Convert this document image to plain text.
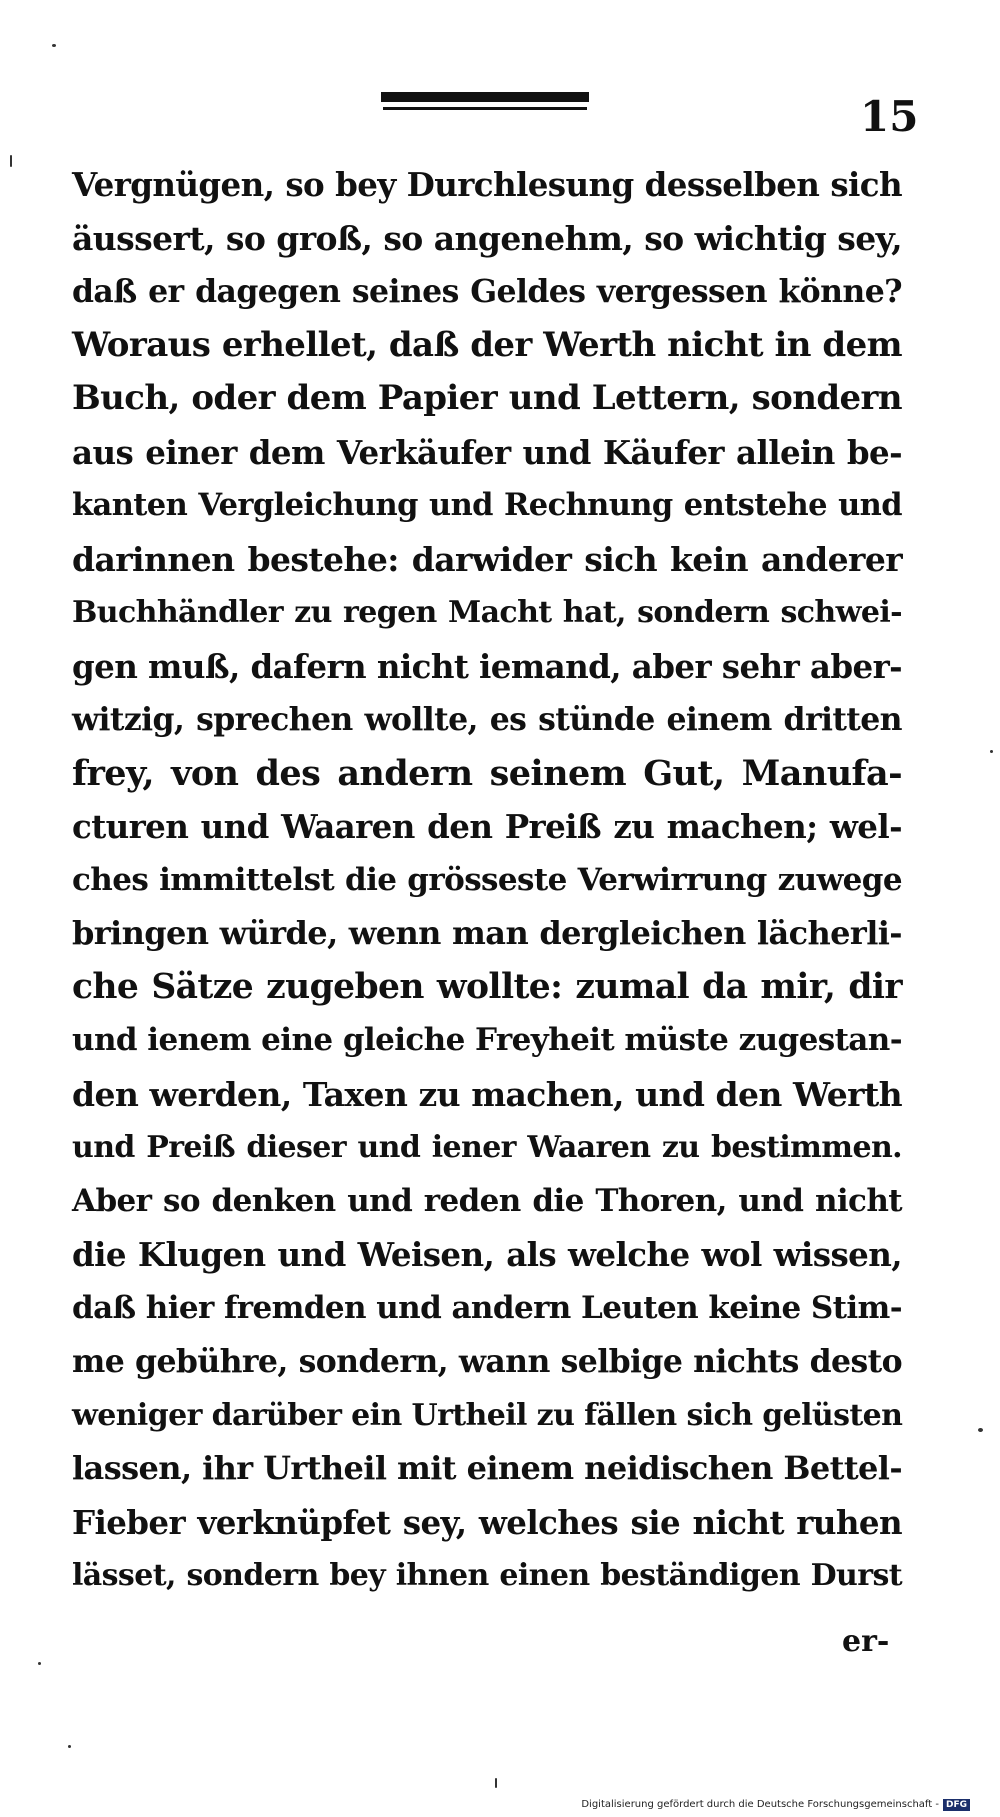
15
Vergnügen, so bey Durchlesung desselben sich
äussert, so groß, so angenehm, so wichtig sey,
daß er dagegen seines Geldes vergessen könne?
Woraus erhellet, daß der Werth nicht in dem
Buch, oder dem Papier und Lettern, sondern
aus einer dem Verkäufer und Käufer allein be-
kanten Vergleichung und Rechnung entstehe und
darinnen bestehe: darwider sich kein anderer
Buchhändler zu regen Macht hat, sondern schwei-
gen muß, dafern nicht iemand, aber sehr aber-
witzig, sprechen wollte, es stünde einem dritten
frey, von des andern seinem Gut, Manufa-
cturen und Waaren den Preiß zu machen; wel-
ches immittelst die grösseste Verwirrung zuwege
bringen würde, wenn man dergleichen lächerli-
che Sätze zugeben wollte: zumal da mir, dir
und ienem eine gleiche Freyheit müste zugestan-
den werden, Taxen zu machen, und den Werth
und Preiß dieser und iener Waaren zu bestimmen.
Aber so denken und reden die Thoren, und nicht
die Klugen und Weisen, als welche wol wissen,
daß hier fremden und andern Leuten keine Stim-
me gebühre, sondern, wann selbige nichts desto
weniger darüber ein Urtheil zu fällen sich gelüsten
lassen, ihr Urtheil mit einem neidischen Bettel-
Fieber verknüpfet sey, welches sie nicht ruhen
lässet, sondern bey ihnen einen beständigen Durst
er-
Digitalisierung gefördert durch die Deutsche Forschungsgemeinschaft - DFG
